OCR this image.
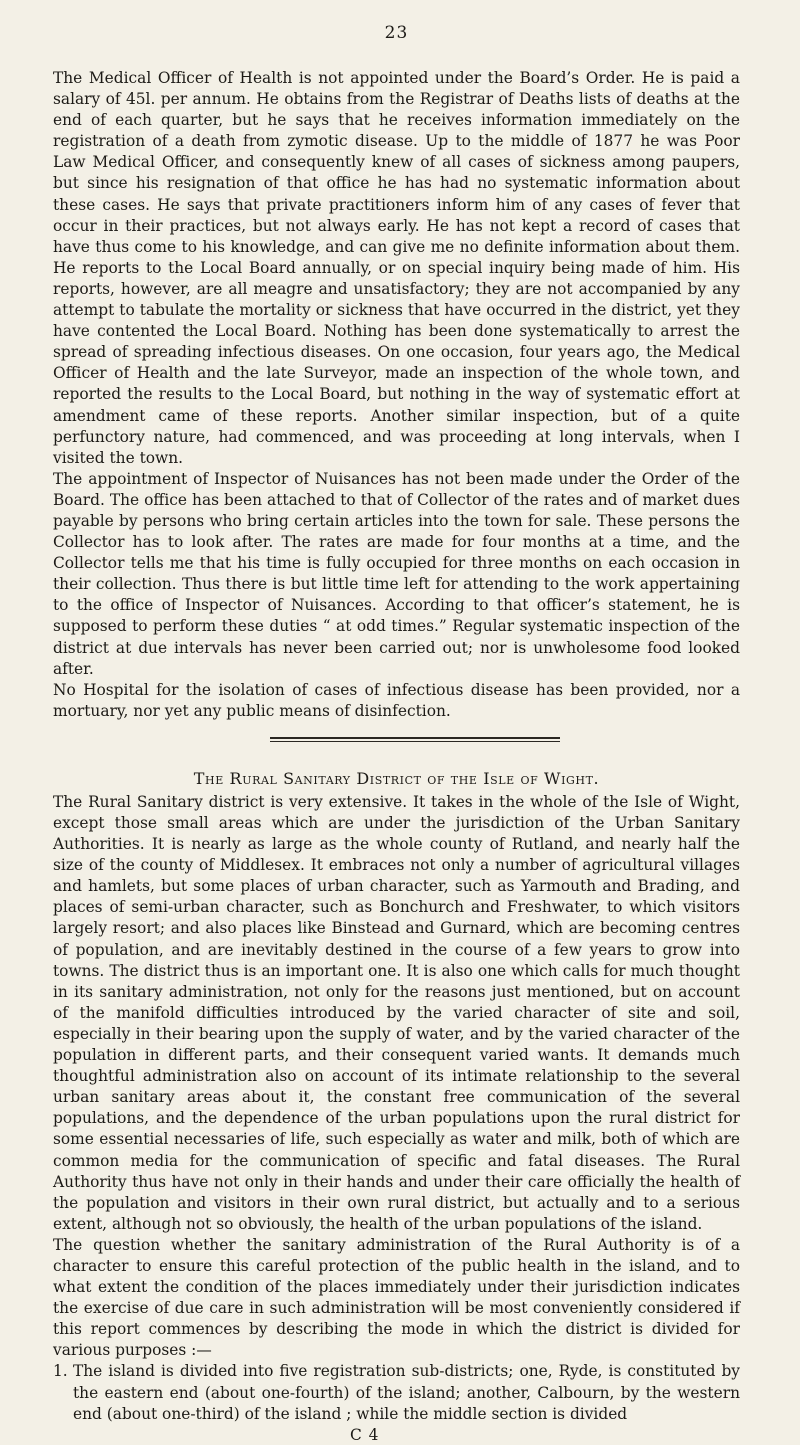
23

The Medical Officer of Health is not appointed under the Board’s Order. He is paid a salary of 45l. per annum. He obtains from the Registrar of Deaths lists of deaths at the end of each quarter, but he says that he receives information immediately on the registration of a death from zymotic disease. Up to the middle of 1877 he was Poor Law Medical Officer, and consequently knew of all cases of sickness among paupers, but since his resignation of that office he has had no systematic information about these cases. He says that private practitioners inform him of any cases of fever that occur in their practices, but not always early. He has not kept a record of cases that have thus come to his knowledge, and can give me no definite information about them. He reports to the Local Board annually, or on special inquiry being made of him. His reports, however, are all meagre and unsatisfactory; they are not accompanied by any attempt to tabulate the mortality or sickness that have occurred in the district, yet they have contented the Local Board. Nothing has been done systematically to arrest the spread of spreading infectious diseases. On one occasion, four years ago, the Medical Officer of Health and the late Surveyor, made an inspection of the whole town, and reported the results to the Local Board, but nothing in the way of systematic effort at amendment came of these reports. Another similar inspection, but of a quite perfunctory nature, had commenced, and was proceeding at long intervals, when I visited the town.

The appointment of Inspector of Nuisances has not been made under the Order of the Board. The office has been attached to that of Collector of the rates and of market dues payable by persons who bring certain articles into the town for sale. These persons the Collector has to look after. The rates are made for four months at a time, and the Collector tells me that his time is fully occupied for three months on each occasion in their collection. Thus there is but little time left for attending to the work appertaining to the office of Inspector of Nuisances. According to that officer’s statement, he is supposed to perform these duties “ at odd times.” Regular systematic inspection of the district at due intervals has never been carried out; nor is unwholesome food looked after.

No Hospital for the isolation of cases of infectious disease has been provided, nor a mortuary, nor yet any public means of disinfection.

The Rural Sanitary District of the Isle of Wight.

The Rural Sanitary district is very extensive. It takes in the whole of the Isle of Wight, except those small areas which are under the jurisdiction of the Urban Sanitary Authorities. It is nearly as large as the whole county of Rutland, and nearly half the size of the county of Middlesex. It embraces not only a number of agricultural villages and hamlets, but some places of urban character, such as Yarmouth and Brading, and places of semi-urban character, such as Bonchurch and Freshwater, to which visitors largely resort; and also places like Binstead and Gurnard, which are becoming centres of population, and are inevitably destined in the course of a few years to grow into towns. The district thus is an important one. It is also one which calls for much thought in its sanitary administration, not only for the reasons just mentioned, but on account of the manifold difficulties introduced by the varied character of site and soil, especially in their bearing upon the supply of water, and by the varied character of the population in different parts, and their consequent varied wants. It demands much thoughtful administration also on account of its intimate relationship to the several urban sanitary areas about it, the constant free communication of the several populations, and the dependence of the urban populations upon the rural district for some essential necessaries of life, such especially as water and milk, both of which are common media for the communication of specific and fatal diseases. The Rural Authority thus have not only in their hands and under their care officially the health of the population and visitors in their own rural district, but actually and to a serious extent, although not so obviously, the health of the urban populations of the island.

The question whether the sanitary administration of the Rural Authority is of a character to ensure this careful protection of the public health in the island, and to what extent the condition of the places immediately under their jurisdiction indicates the exercise of due care in such administration will be most conveniently considered if this report commences by describing the mode in which the district is divided for various purposes :—

1. The island is divided into five registration sub-districts; one, Ryde, is constituted by the eastern end (about one-fourth) of the island; another, Calbourn, by the western end (about one-third) of the island ; while the middle section is divided
C 4
